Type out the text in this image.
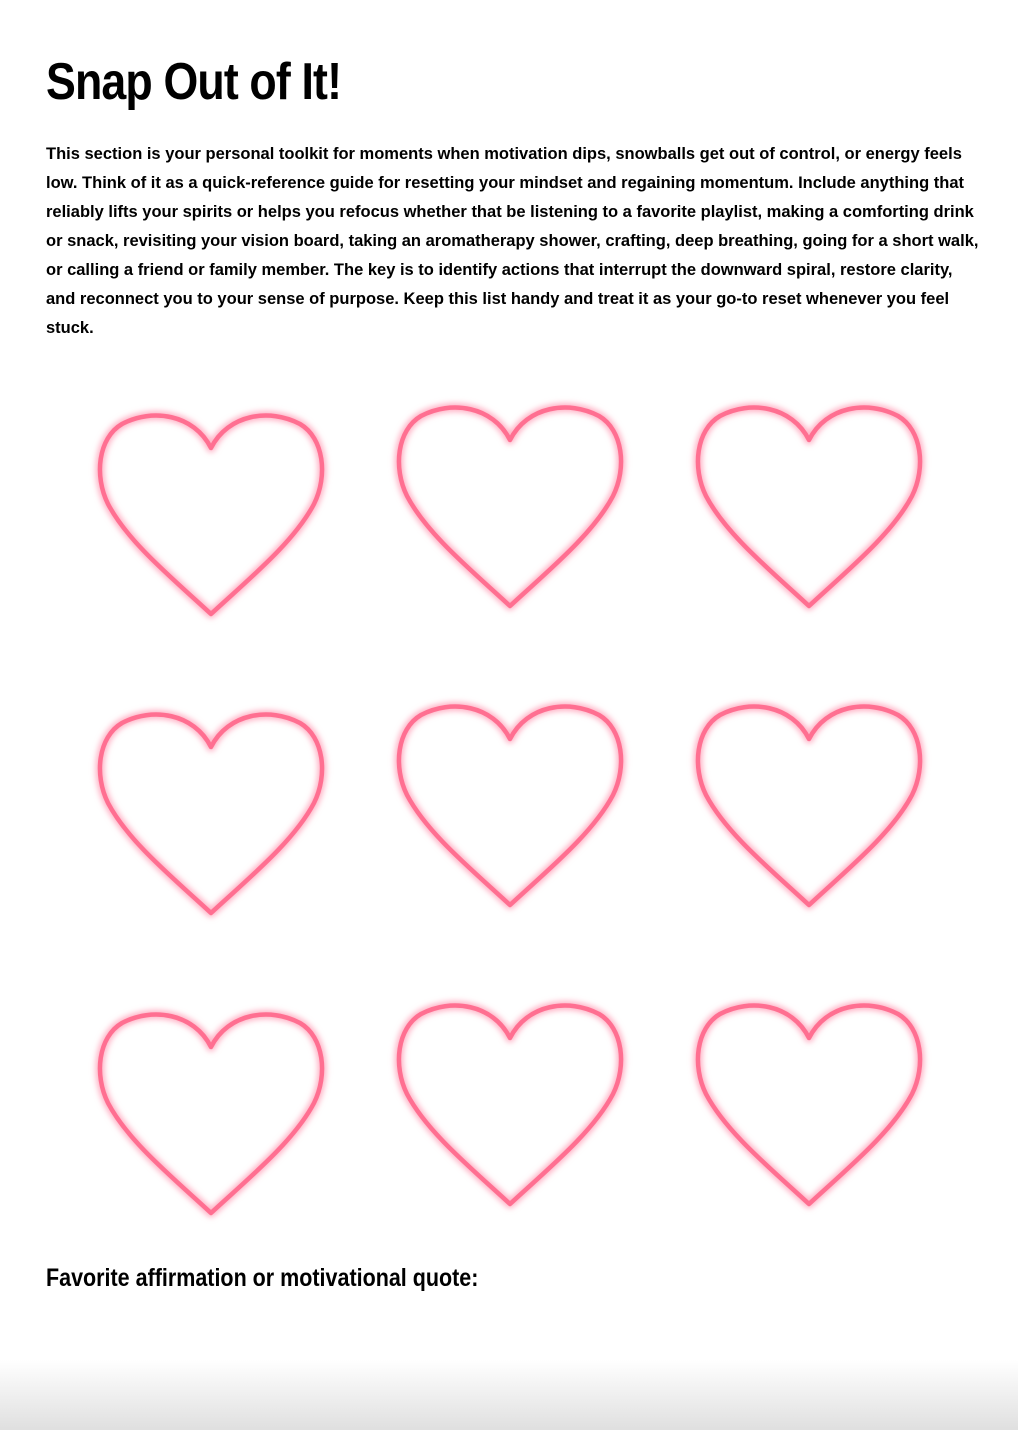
Snap Out of It!

This section is your personal toolkit for moments when motivation dips, snowballs get out of control, or energy feels low. Think of it as a quick-reference guide for resetting your mindset and regaining momentum. Include anything that reliably lifts your spirits or helps you refocus whether that be listening to a favorite playlist, making a comforting drink or snack, revisiting your vision board, taking an aromatherapy shower, crafting, deep breathing, going for a short walk, or calling a friend or family member. The key is to identify actions that interrupt the downward spiral, restore clarity, and reconnect you to your sense of purpose. Keep this list handy and treat it as your go-to reset whenever you feel stuck.

Favorite affirmation or motivational quote:
